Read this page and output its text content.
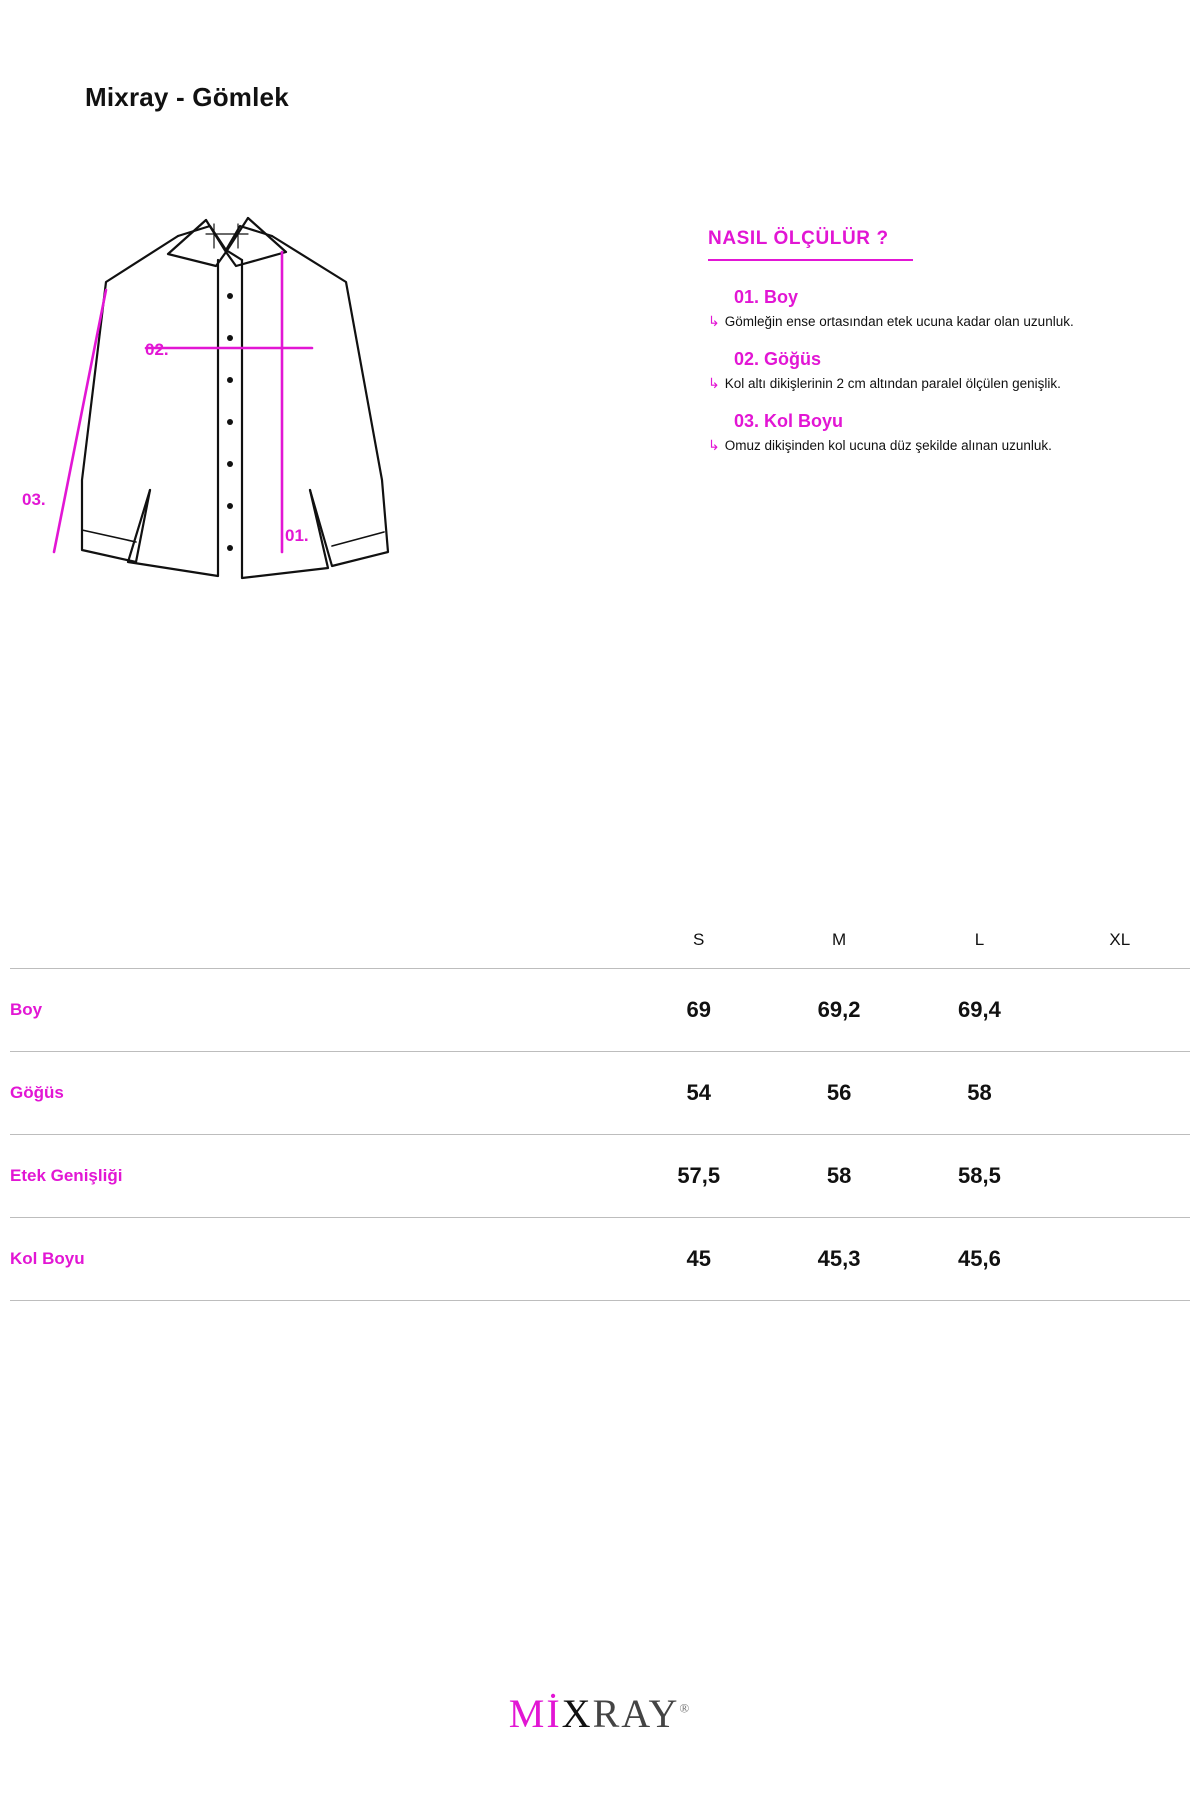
Mixray - Gömlek
01.
02.
03.
NASIL ÖLÇÜLÜR ?
01. Boy
↳ Gömleğin ense ortasından etek ucuna kadar olan uzunluk.
02. Göğüs
↳ Kol altı dikişlerinin 2 cm altından paralel ölçülen genişlik.
03. Kol Boyu
↳ Omuz dikişinden kol ucuna düz şekilde alınan uzunluk.
	S	M	L	XL
Boy	69	69,2	69,4	
Göğüs	54	56	58	
Etek Genişliği	57,5	58	58,5	
Kol Boyu	45	45,3	45,6	
MİXRAY®
